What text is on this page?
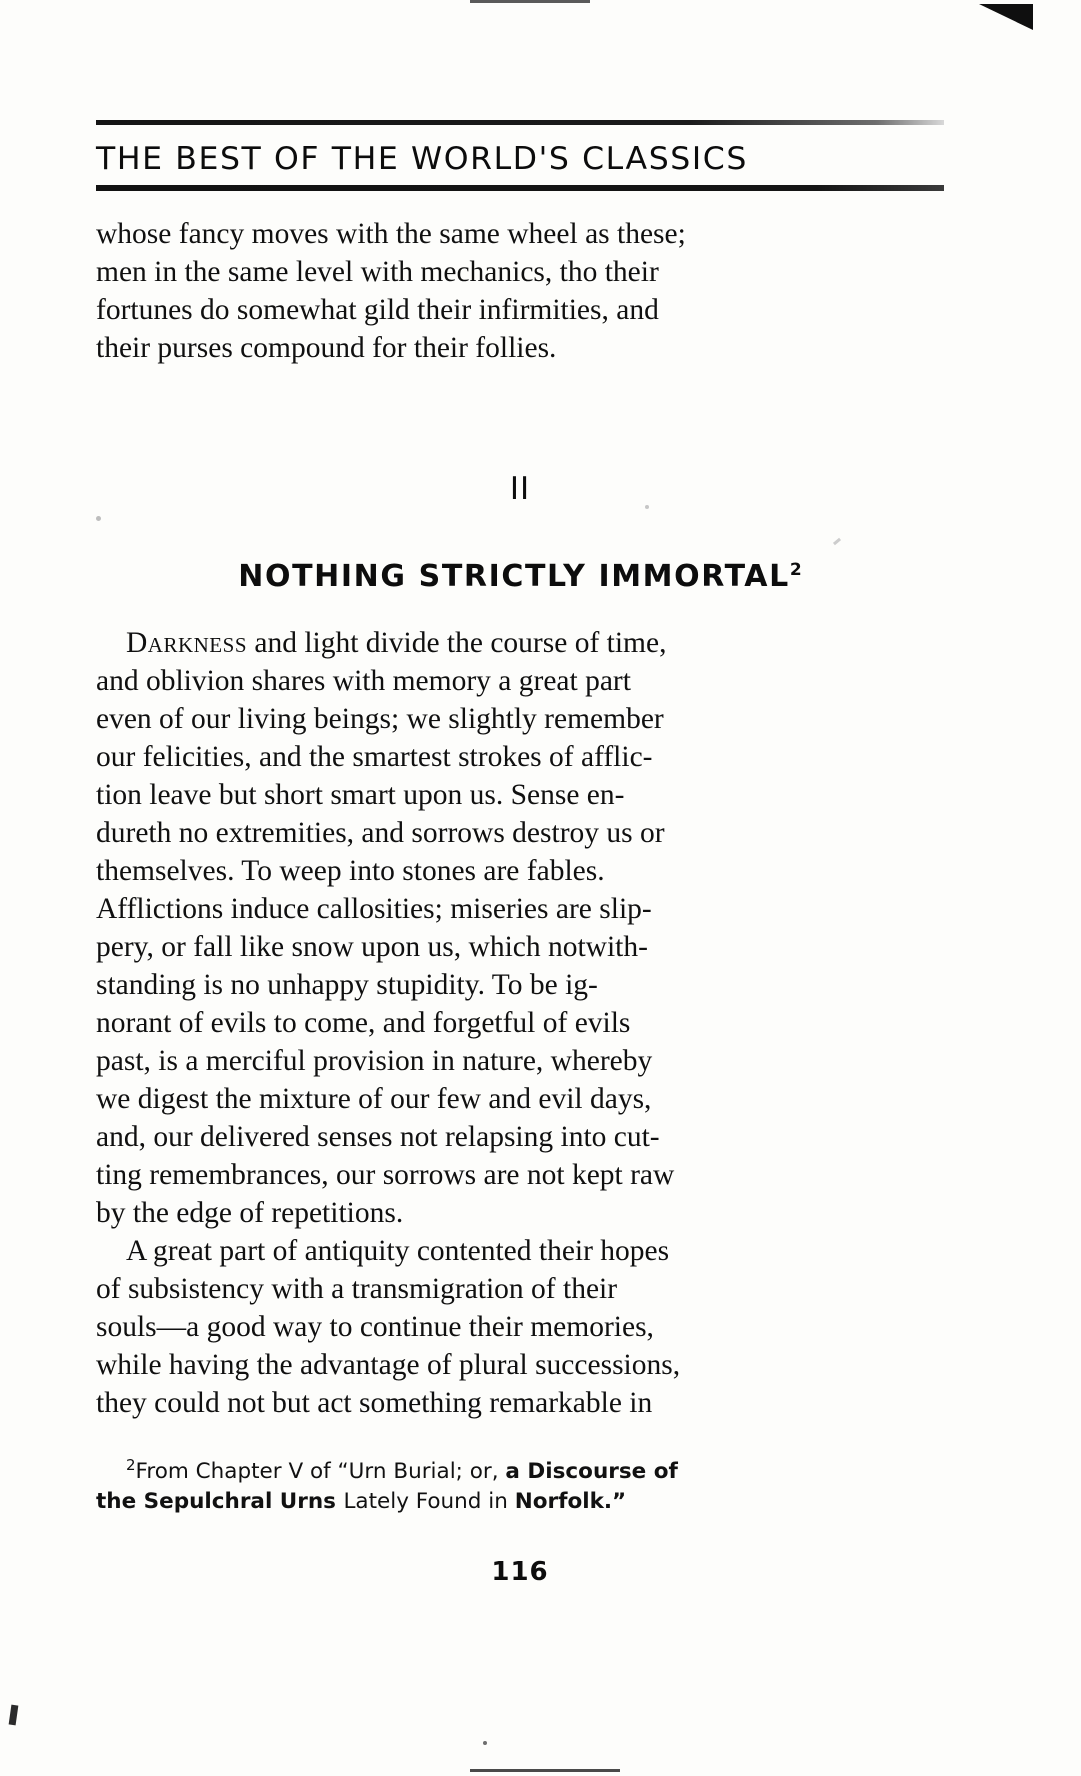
THE BEST OF THE WORLD'S CLASSICS

whose fancy moves with the same wheel as these;
men in the same level with mechanics, tho their
fortunes do somewhat gild their infirmities, and
their purses compound for their follies.

II

NOTHING STRICTLY IMMORTAL$^2$

Darkness and light divide the course of time,
and oblivion shares with memory a great part
even of our living beings; we slightly remember
our felicities, and the smartest strokes of afflic-
tion leave but short smart upon us. Sense en-
dureth no extremities, and sorrows destroy us or
themselves. To weep into stones are fables.
Afflictions induce callosities; miseries are slip-
pery, or fall like snow upon us, which notwith-
standing is no unhappy stupidity. To be ig-
norant of evils to come, and forgetful of evils
past, is a merciful provision in nature, whereby
we digest the mixture of our few and evil days,
and, our delivered senses not relapsing into cut-
ting remembrances, our sorrows are not kept raw
by the edge of repetitions.

A great part of antiquity contented their hopes
of subsistency with a transmigration of their
souls—a good way to continue their memories,
while having the advantage of plural successions,
they could not but act something remarkable in

$^2$From Chapter V of “Urn Burial; or, a Discourse of
the Sepulchral Urns Lately Found in Norfolk.”

116
